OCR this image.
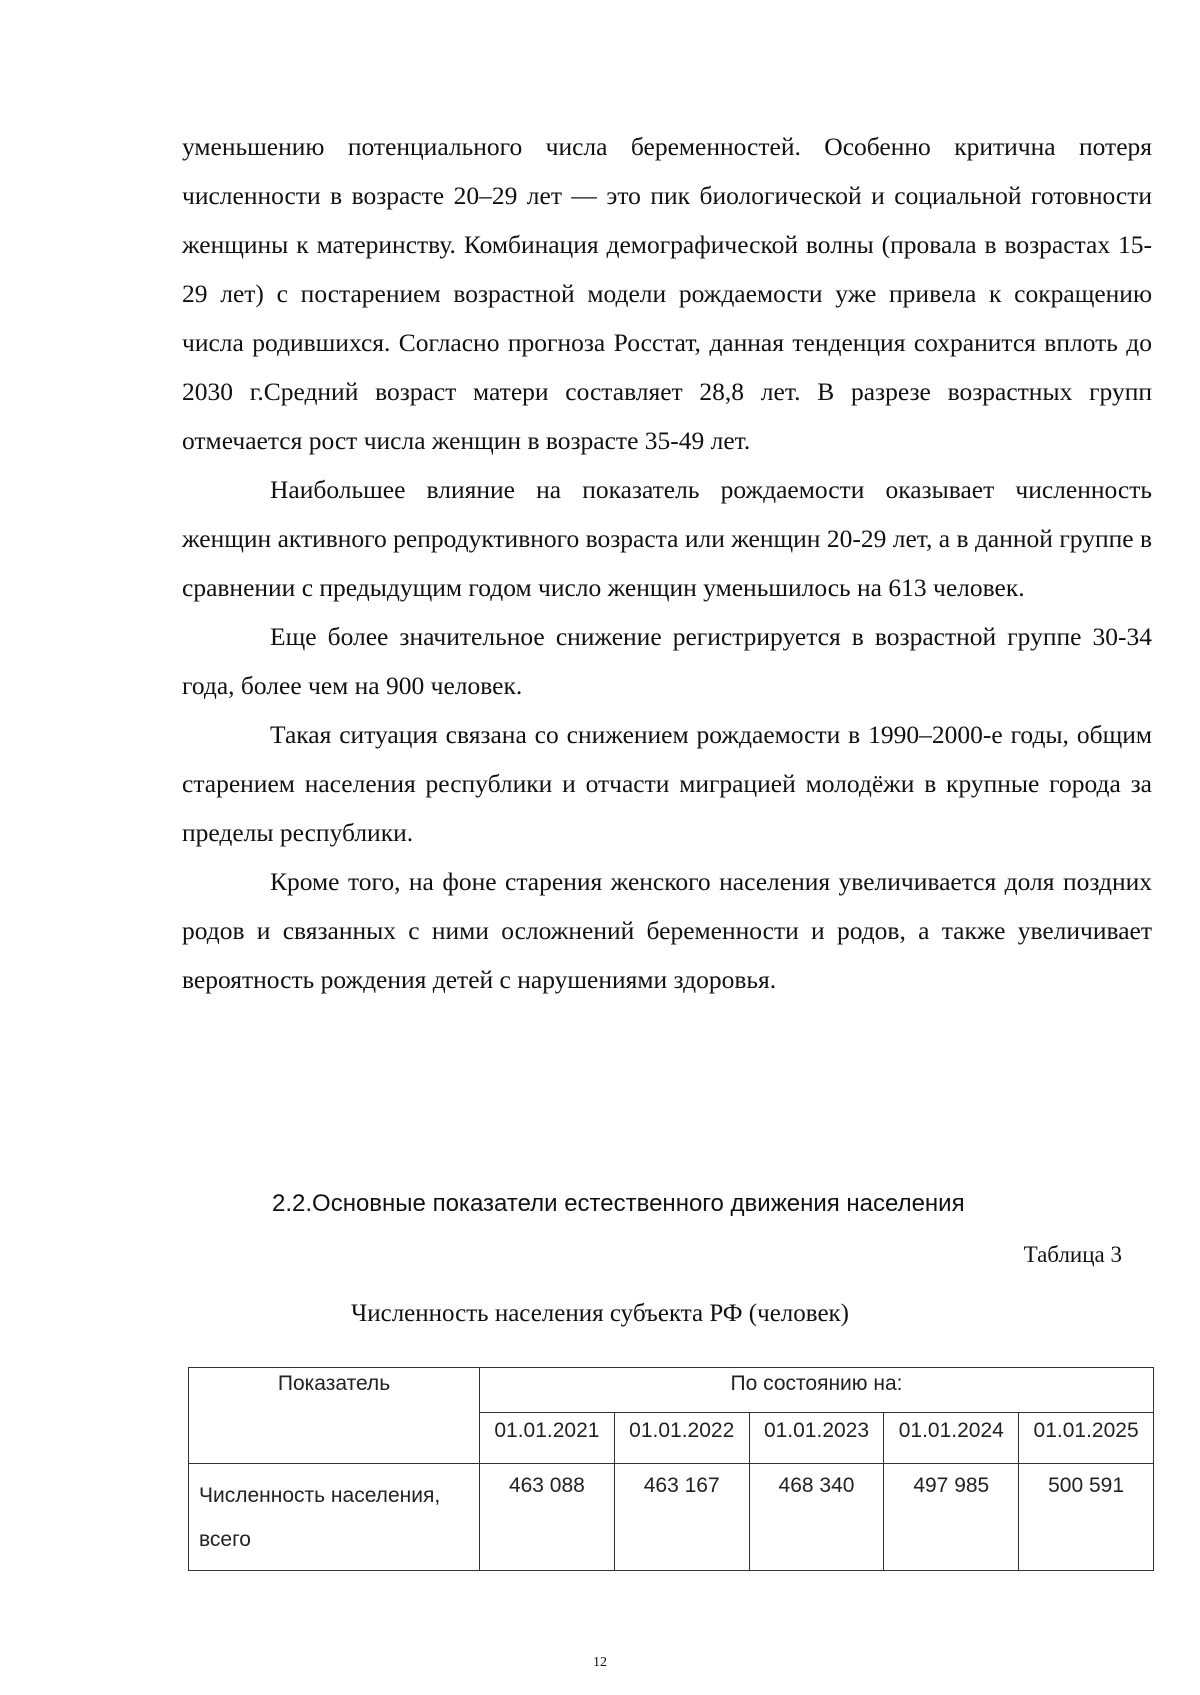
уменьшению потенциального числа беременностей. Особенно критична потеря численности в возрасте 20–29 лет — это пик биологической и социальной готовности женщины к материнству. Комбинация демографической волны (провала в возрастах 15-29 лет) с постарением возрастной модели рождаемости уже привела к сокращению числа родившихся. Согласно прогноза Росстат, данная тенденция сохранится вплоть до 2030 г.Средний возраст матери составляет 28,8 лет. В разрезе возрастных групп отмечается рост числа женщин в возрасте 35-49 лет.

Наибольшее влияние на показатель рождаемости оказывает численность женщин активного репродуктивного возраста или женщин 20-29 лет, а в данной группе в сравнении с предыдущим годом число женщин уменьшилось на 613 человек.

Еще более значительное снижение регистрируется в возрастной группе 30-34 года, более чем на 900 человек.

Такая ситуация связана со снижением рождаемости в 1990–2000-е годы, общим старением населения республики и отчасти миграцией молодёжи в крупные города за пределы республики.

Кроме того, на фоне старения женского населения увеличивается доля поздних родов и связанных с ними осложнений беременности и родов, а также увеличивает вероятность рождения детей с нарушениями здоровья.

2.2.Основные показатели естественного движения населения
Таблица 3
Численность населения субъекта РФ (человек)
Показатель	По состоянию на:				
	01.01.2021	01.01.2022	01.01.2023	01.01.2024	01.01.2025
Численность населения, всего	463 088	463 167	468 340	497 985	500 591
12
